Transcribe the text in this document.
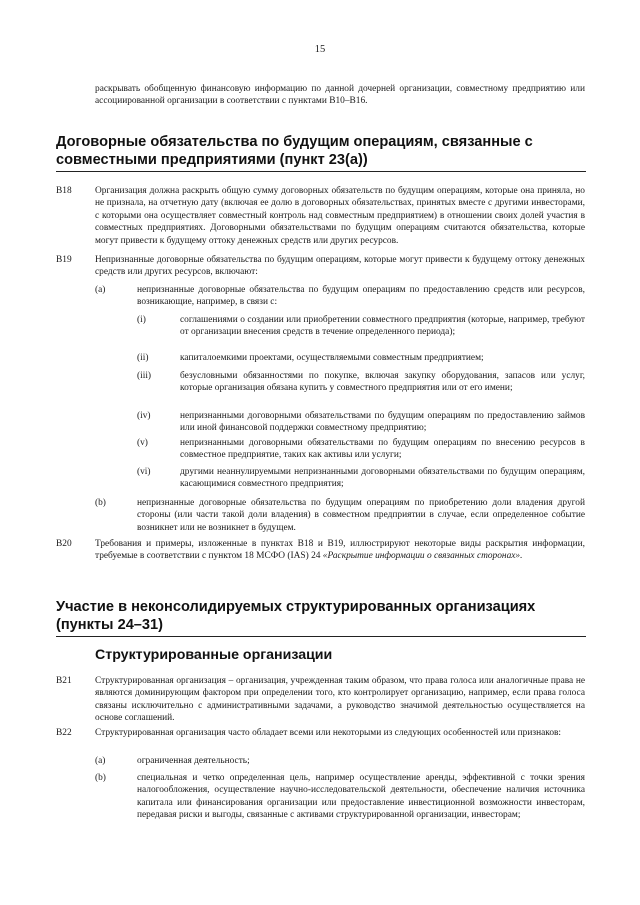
15
раскрывать обобщенную финансовую информацию по данной дочерней организации, совместному предприятию или ассоциированной организации в соответствии с пунктами B10–B16.
Договорные обязательства по будущим операциям, связанные с
совместными предприятиями (пункт 23(a))
B18 Организация должна раскрыть общую сумму договорных обязательств по будущим операциям, которые она приняла, но не признала, на отчетную дату (включая ее долю в договорных обязательствах, принятых вместе с другими инвесторами, с которыми она осуществляет совместный контроль над совместным предприятием) в отношении своих долей участия в совместных предприятиях. Договорными обязательствами по будущим операциям считаются обязательства, которые могут привести к будущему оттоку денежных средств или других ресурсов.
B19 Непризнанные договорные обязательства по будущим операциям, которые могут привести к будущему оттоку денежных средств или других ресурсов, включают:
(a)	непризнанные договорные обязательства по будущим операциям по предоставлению средств или ресурсов, возникающие, например, в связи с:
(i)	соглашениями о создании или приобретении совместного предприятия (которые, например, требуют от организации внесения средств в течение определенного периода);
(ii)	капиталоемкими проектами, осуществляемыми совместным предприятием;
(iii)	безусловными обязанностями по покупке, включая закупку оборудования, запасов или услуг, которые организация обязана купить у совместного предприятия или от его имени;
(iv)	непризнанными договорными обязательствами по будущим операциям по предоставлению займов или иной финансовой поддержки совместному предприятию;
(v)	непризнанными договорными обязательствами по будущим операциям по внесению ресурсов в совместное предприятие, таких как активы или услуги;
(vi)	другими неаннулируемыми непризнанными договорными обязательствами по будущим операциям, касающимися совместного предприятия;
(b)	непризнанные договорные обязательства по будущим операциям по приобретению доли владения другой стороны (или части такой доли владения) в совместном предприятии в случае, если определенное событие возникнет или не возникнет в будущем.
B20 Требования и примеры, изложенные в пунктах B18 и B19, иллюстрируют некоторые виды раскрытия информации, требуемые в соответствии с пунктом 18 МСФО (IAS) 24 «Раскрытие информации о связанных сторонах».
Участие в неконсолидируемых структурированных организациях
(пункты 24–31)
Структурированные организации
B21 Структурированная организация – организация, учрежденная таким образом, что права голоса или аналогичные права не являются доминирующим фактором при определении того, кто контролирует организацию, например, если права голоса связаны исключительно с административными задачами, а руководство значимой деятельностью осуществляется на основе соглашений.
B22 Структурированная организация часто обладает всеми или некоторыми из следующих особенностей или признаков:
(a)	ограниченная деятельность;
(b)	специальная и четко определенная цель, например осуществление аренды, эффективной с точки зрения налогообложения, осуществление научно-исследовательской деятельности, обеспечение наличия источника капитала или финансирования организации или предоставление инвестиционной возможности инвесторам, передавая риски и выгоды, связанные с активами структурированной организации, инвесторам;
